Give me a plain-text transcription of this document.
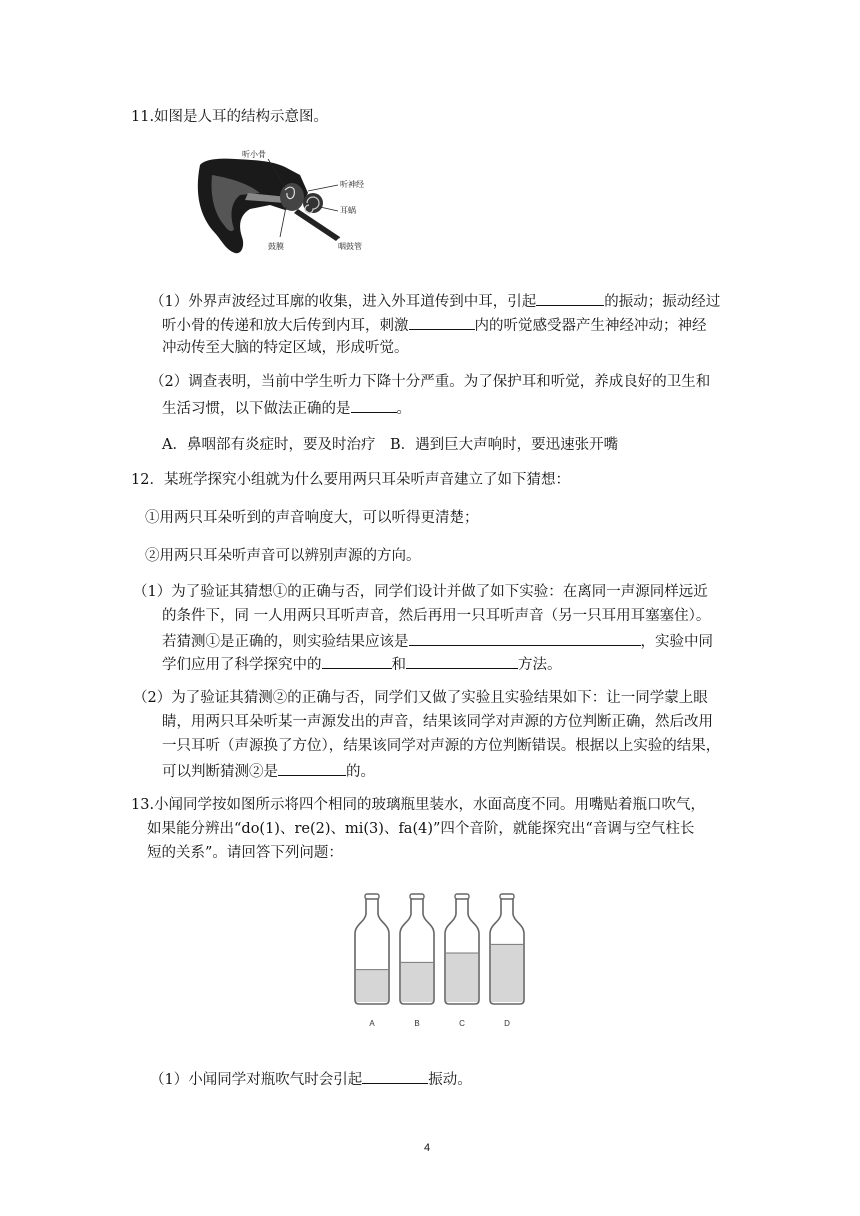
11.如图是人耳的结构示意图。
听小骨
听神经
耳蜗
鼓膜	咽鼓管
（1）外界声波经过耳廓的收集，进入外耳道传到中耳，引起	的振动；振动经过
听小骨的传递和放大后传到内耳，刺激	内的听觉感受器产生神经冲动；神经
冲动传至大脑的特定区域，形成听觉。
（2）调查表明，当前中学生听力下降十分严重。为了保护耳和听觉，养成良好的卫生和
生活习惯，以下做法正确的是	。
A．鼻咽部有炎症时，要及时治疗　B．遇到巨大声响时，要迅速张开嘴
12．某班学探究小组就为什么要用两只耳朵听声音建立了如下猜想：
①用两只耳朵听到的声音响度大，可以听得更清楚；
②用两只耳朵听声音可以辨别声源的方向。
（1）为了验证其猜想①的正确与否，同学们设计并做了如下实验：在离同一声源同样远近
的条件下，同 一人用两只耳听声音，然后再用一只耳听声音（另一只耳用耳塞塞住）。
若猜测①是正确的，则实验结果应该是	，实验中同
学们应用了科学探究中的	和	方法。
（2）为了验证其猜测②的正确与否，同学们又做了实验且实验结果如下：让一同学蒙上眼
睛，用两只耳朵听某一声源发出的声音，结果该同学对声源的方位判断正确，然后改用
一只耳听（声源换了方位），结果该同学对声源的方位判断错误。根据以上实验的结果，
可以判断猜测②是	的。
13.小闻同学按如图所示将四个相同的玻璃瓶里装水，水面高度不同。用嘴贴着瓶口吹气，
如果能分辨出“do(1)、re(2)、mi(3)、fa(4)”四个音阶，就能探究出“音调与空气柱长
短的关系”。请回答下列问题：
A	B	C	D
（1）小闻同学对瓶吹气时会引起	振动。
4
